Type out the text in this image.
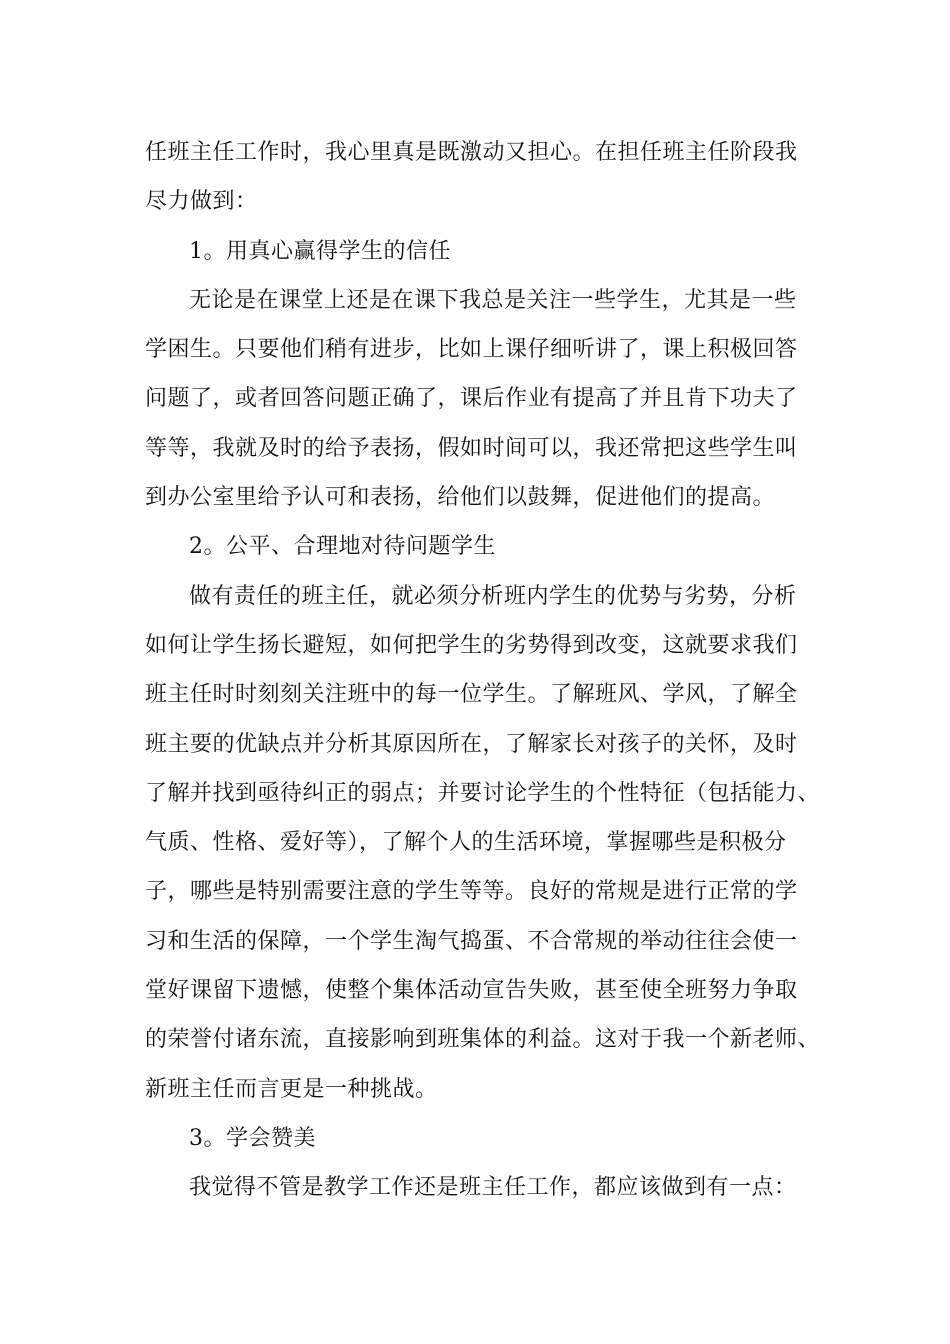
任班主任工作时，我心里真是既激动又担心。在担任班主任阶段我
尽力做到：
1。用真心赢得学生的信任
无论是在课堂上还是在课下我总是关注一些学生，尤其是一些
学困生。只要他们稍有进步，比如上课仔细听讲了，课上积极回答
问题了，或者回答问题正确了，课后作业有提高了并且肯下功夫了
等等，我就及时的给予表扬，假如时间可以，我还常把这些学生叫
到办公室里给予认可和表扬，给他们以鼓舞，促进他们的提高。
2。公平、合理地对待问题学生
做有责任的班主任，就必须分析班内学生的优势与劣势，分析
如何让学生扬长避短，如何把学生的劣势得到改变，这就要求我们
班主任时时刻刻关注班中的每一位学生。了解班风、学风，了解全
班主要的优缺点并分析其原因所在，了解家长对孩子的关怀，及时
了解并找到亟待纠正的弱点；并要讨论学生的个性特征（包括能力、
气质、性格、爱好等），了解个人的生活环境，掌握哪些是积极分
子，哪些是特别需要注意的学生等等。良好的常规是进行正常的学
习和生活的保障，一个学生淘气捣蛋、不合常规的举动往往会使一
堂好课留下遗憾，使整个集体活动宣告失败，甚至使全班努力争取
的荣誉付诸东流，直接影响到班集体的利益。这对于我一个新老师、
新班主任而言更是一种挑战。
3。学会赞美
我觉得不管是教学工作还是班主任工作，都应该做到有一点：
